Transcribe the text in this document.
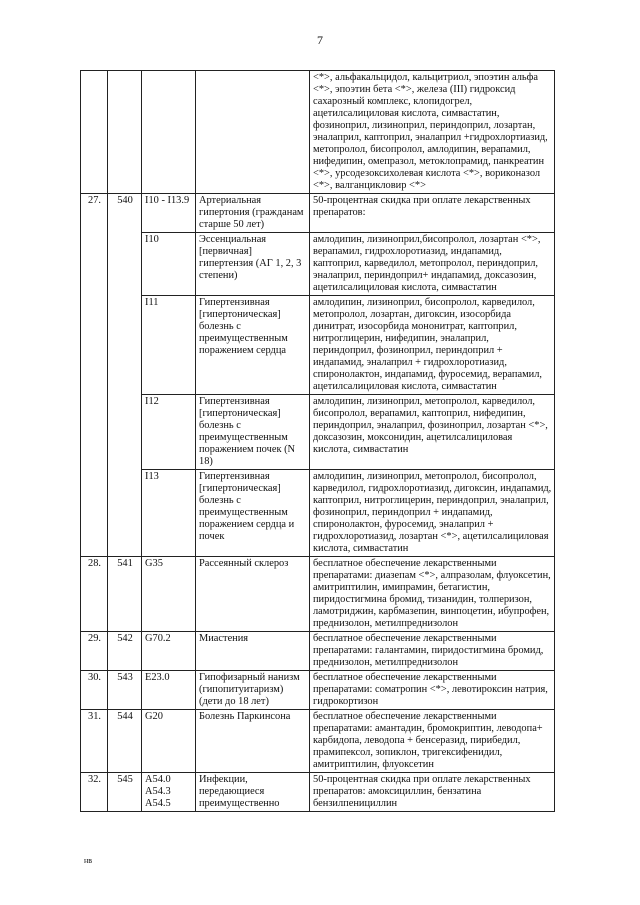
7
				<*>, альфакальцидол, кальцитриол, эпоэтин альфа <*>, эпоэтин бета <*>, железа (III) гидроксид сахарозный комплекс, клопидогрел, ацетилсалициловая кислота, симвастатин, фозиноприл, лизиноприл, периндоприл, лозартан, эналаприл, каптоприл, эналаприл +гидрохлортиазид, метопролол, бисопролол, амлодипин, верапамил, нифедипин, омепразол, метоклопрамид, панкреатин <*>, урсодезоксихолевая кислота <*>, вориконазол <*>, валганцикловир <*>
27.	540	I10 - I13.9	Артериальная гипертония (гражданам старше 50 лет)	50-процентная скидка при оплате лекарственных препаратов:
		I10	Эссенциальная [первичная] гипертензия (АГ 1, 2, 3 степени)	амлодипин, лизиноприл,бисопролол, лозартан <*>, верапамил, гидрохлоротиазид, индапамид, каптоприл, карведилол, метопролол, периндоприл, эналаприл, периндоприл+ индапамид, доксазозин, ацетилсалициловая кислота, симвастатин
		I11	Гипертензивная [гипертоническая] болезнь с преимущественным поражением сердца	амлодипин, лизиноприл, бисопролол, карведилол, метопролол, лозартан, дигоксин, изосорбида динитрат, изосорбида мононитрат, каптоприл, нитроглицерин, нифедипин, эналаприл, периндоприл, фозиноприл, периндоприл + индапамид, эналаприл + гидрохлоротиазид, спиронолактон, индапамид, фуросемид, верапамил, ацетилсалициловая кислота, симвастатин
		I12	Гипертензивная [гипертоническая] болезнь с преимущественным поражением почек (N 18)	амлодипин, лизиноприл, метопролол, карведилол, бисопролол, верапамил, каптоприл, нифедипин, периндоприл, эналаприл, фозиноприл, лозартан <*>, доксазозин, моксонидин, ацетилсалициловая кислота, симвастатин
		I13	Гипертензивная [гипертоническая] болезнь с преимущественным поражением сердца и почек	амлодипин, лизиноприл, метопролол, бисопролол, карведилол, гидрохлоротиазид, дигоксин, индапамид, каптоприл, нитроглицерин, периндоприл, эналаприл, фозиноприл, периндоприл + индапамид, спиронолактон, фуросемид, эналаприл + гидрохлоротиазид, лозартан <*>, ацетилсалициловая кислота, симвастатин
28.	541	G35	Рассеянный склероз	бесплатное обеспечение лекарственными препаратами: диазепам <*>, алпразолам, флуоксетин, амитриптилин, имипрамин, бетагистин, пиридостигмина бромид, тизанидин, толперизон, ламотриджин, карбмазепин, винпоцетин, ибупрофен, преднизолон, метилпреднизолон
29.	542	G70.2	Миастения	бесплатное обеспечение лекарственными препаратами: галантамин, пиридостигмина бромид, преднизолон, метилпреднизолон
30.	543	E23.0	Гипофизарный нанизм (гипопитуитаризм) (дети до 18 лет)	бесплатное обеспечение лекарственными препаратами: соматропин <*>, левотироксин натрия, гидрокортизон
31.	544	G20	Болезнь Паркинсона	бесплатное обеспечение лекарственными препаратами: амантадин, бромокриптин, леводопа+ карбидопа, леводопа + бенсеразид, пирибедил, прамипексол, зопиклон, тригексифенидил, амитриптилин, флуоксетин
32.	545	A54.0 A54.3 A54.5	Инфекции, передающиеся преимущественно	50-процентная скидка при оплате лекарственных препаратов: амоксициллин, бензатина бензилпенициллин
нв
